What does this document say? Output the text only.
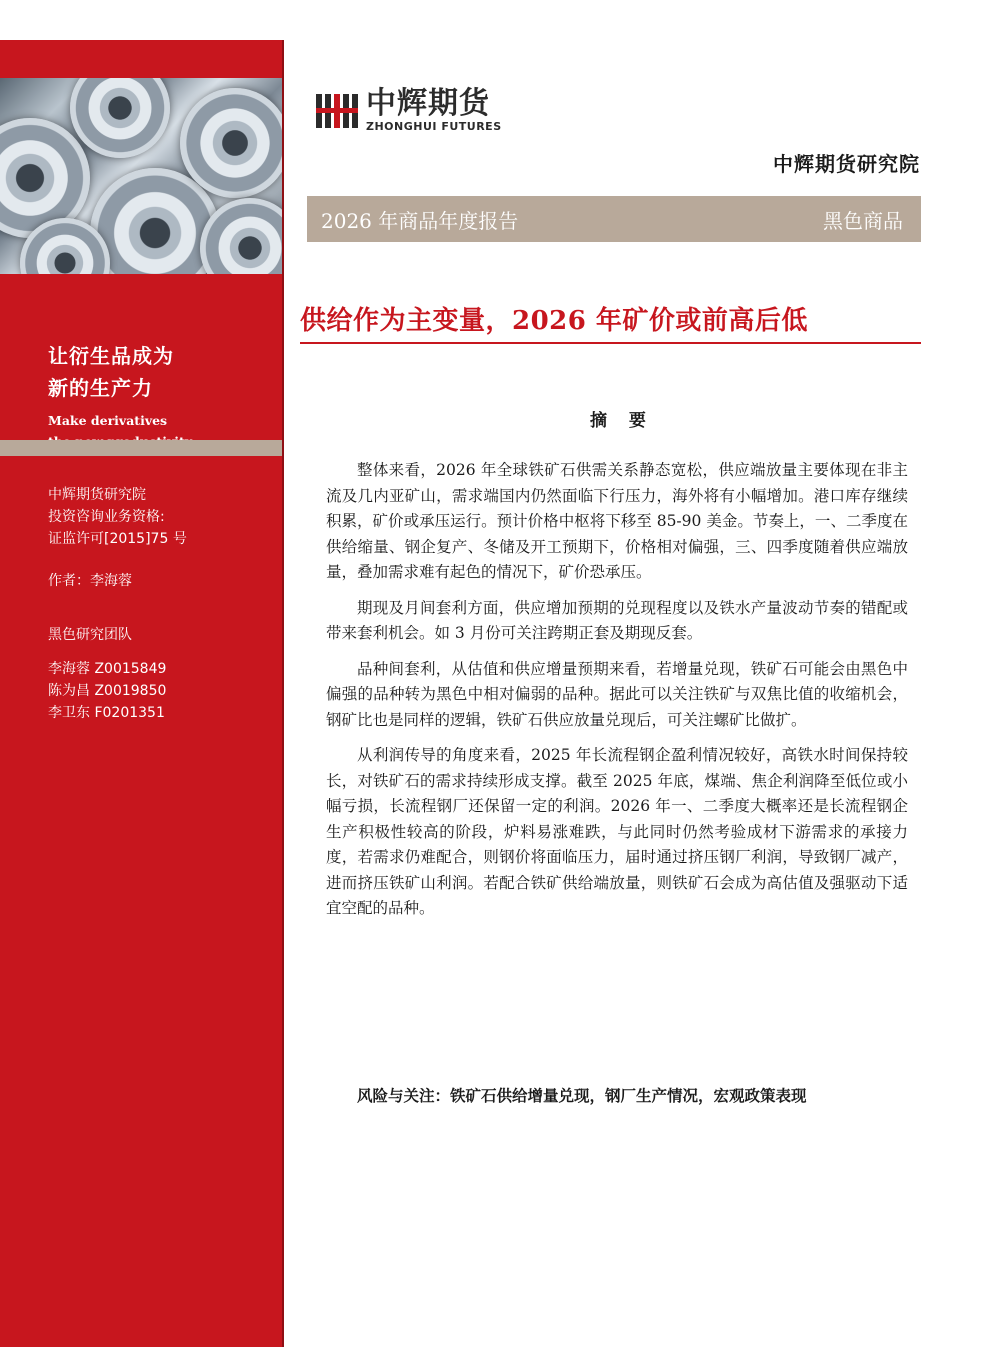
让衍生品成为
新的生产力
Make derivatives
中辉期货研究院
投资咨询业务资格:
证监许可[2015]75 号
作者：李海蓉
黑色研究团队
李海蓉 Z0015849
陈为昌 Z0019850
李卫东 F0201351
中辉期货
ZHONGHUI FUTURES
中辉期货研究院
2026 年商品年度报告	黑色商品
供给作为主变量，2026 年矿价或前高后低
摘 要

整体来看，2026 年全球铁矿石供需关系静态宽松，供应端放量主要体现在非主流及几内亚矿山，需求端国内仍然面临下行压力，海外将有小幅增加。港口库存继续积累，矿价或承压运行。预计价格中枢将下移至 85-90 美金。节奏上，一、二季度在供给缩量、钢企复产、冬储及开工预期下，价格相对偏强，三、四季度随着供应端放量，叠加需求难有起色的情况下，矿价恐承压。

期现及月间套利方面，供应增加预期的兑现程度以及铁水产量波动节奏的错配或带来套利机会。如 3 月份可关注跨期正套及期现反套。

品种间套利，从估值和供应增量预期来看，若增量兑现，铁矿石可能会由黑色中偏强的品种转为黑色中相对偏弱的品种。据此可以关注铁矿与双焦比值的收缩机会，钢矿比也是同样的逻辑，铁矿石供应放量兑现后，可关注螺矿比做扩。

从利润传导的角度来看，2025 年长流程钢企盈利情况较好，高铁水时间保持较长，对铁矿石的需求持续形成支撑。截至 2025 年底，煤端、焦企利润降至低位或小幅亏损，长流程钢厂还保留一定的利润。2026 年一、二季度大概率还是长流程钢企生产积极性较高的阶段，炉料易涨难跌，与此同时仍然考验成材下游需求的承接力度，若需求仍难配合，则钢价将面临压力，届时通过挤压钢厂利润，导致钢厂减产，进而挤压铁矿山利润。若配合铁矿供给端放量，则铁矿石会成为高估值及强驱动下适宜空配的品种。

风险与关注：铁矿石供给增量兑现，钢厂生产情况，宏观政策表现
